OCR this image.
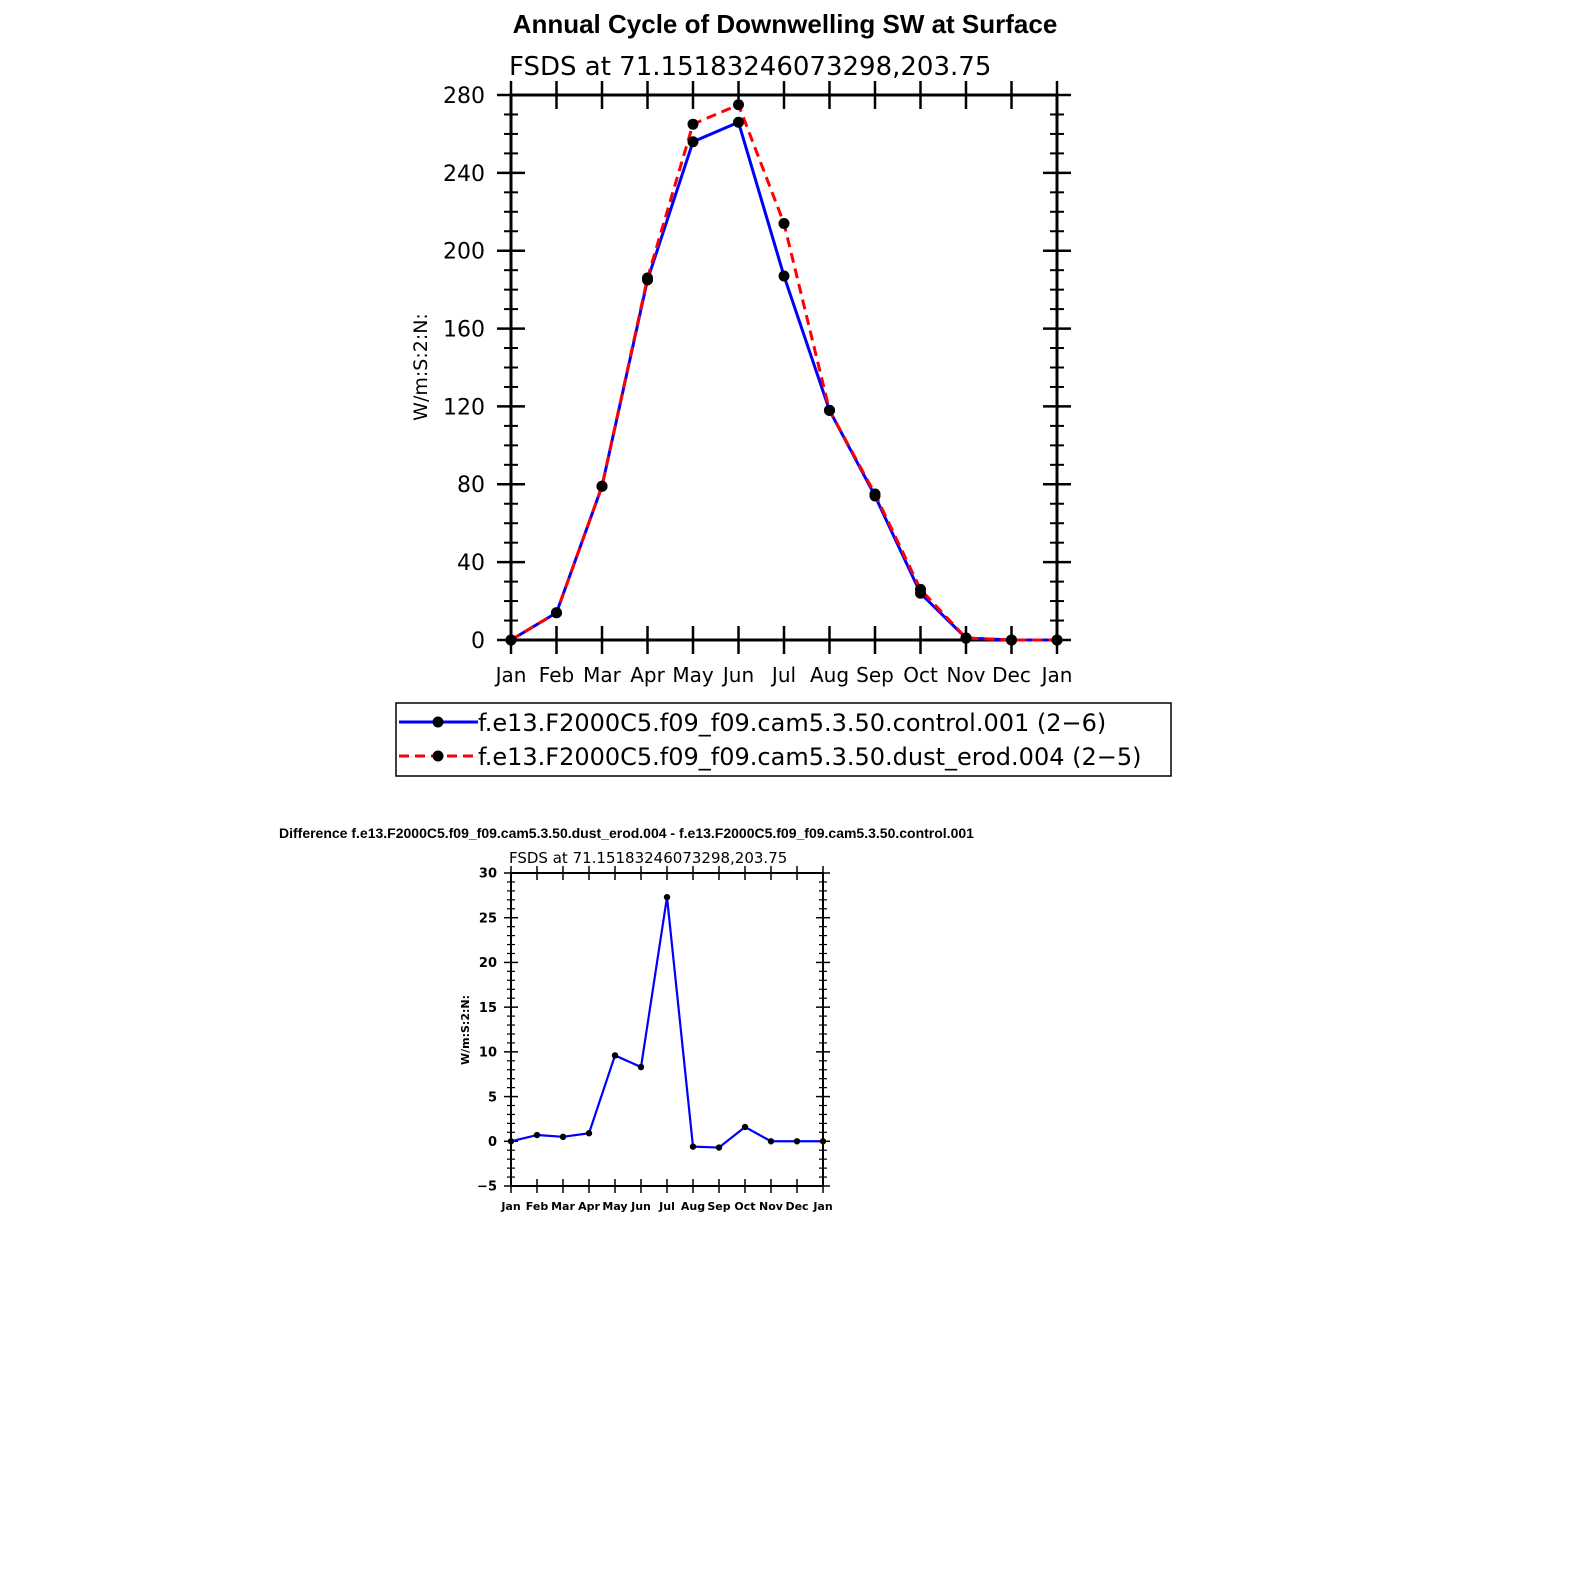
Annual Cycle of Downwelling SW at Surface
FSDS at 71.15183246073298,203.75
W/m:S:2:N:
0
40
80
120
160
200
240
280
Jan Feb Mar Apr May Jun Jul Aug Sep Oct Nov Dec Jan
f.e13.F2000C5.f09_f09.cam5.3.50.control.001 (2−6)
f.e13.F2000C5.f09_f09.cam5.3.50.dust_erod.004 (2−5)
Difference f.e13.F2000C5.f09_f09.cam5.3.50.dust_erod.004 - f.e13.F2000C5.f09_f09.cam5.3.50.control.001
FSDS at 71.15183246073298,203.75
W/m:S:2:N:
−5
0
5
10
15
20
25
30
Jan Feb Mar Apr May Jun Jul Aug Sep Oct Nov Dec Jan
